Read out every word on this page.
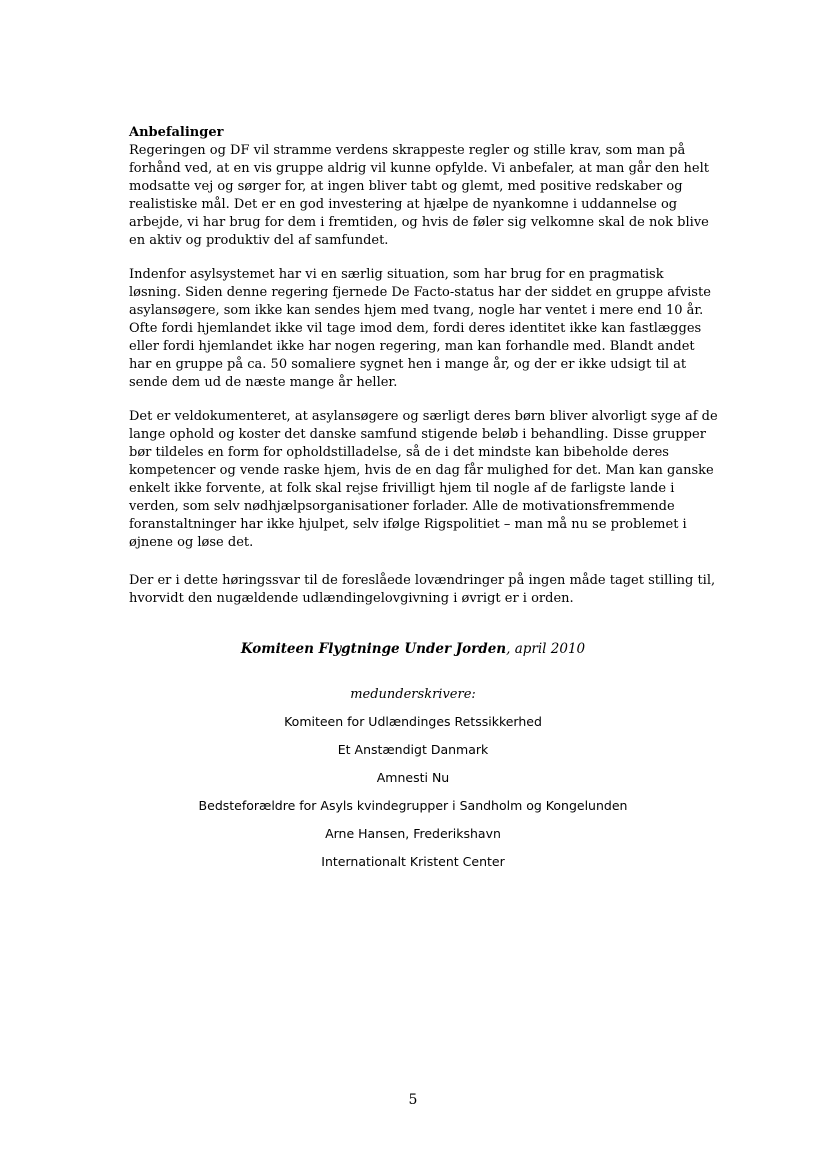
Anbefalinger
Regeringen og DF vil stramme verdens skrappeste regler og stille krav, som man på
forhånd ved, at en vis gruppe aldrig vil kunne opfylde. Vi anbefaler, at man går den helt
modsatte vej og sørger for, at ingen bliver tabt og glemt, med positive redskaber og
realistiske mål. Det er en god investering at hjælpe de nyankomne i uddannelse og
arbejde, vi har brug for dem i fremtiden, og hvis de føler sig velkomne skal de nok blive
en aktiv og produktiv del af samfundet.
Indenfor asylsystemet har vi en særlig situation, som har brug for en pragmatisk
løsning. Siden denne regering fjernede De Facto-status har der siddet en gruppe afviste
asylansøgere, som ikke kan sendes hjem med tvang, nogle har ventet i mere end 10 år.
Ofte fordi hjemlandet ikke vil tage imod dem, fordi deres identitet ikke kan fastlægges
eller fordi hjemlandet ikke har nogen regering, man kan forhandle med. Blandt andet
har en gruppe på ca. 50 somaliere sygnet hen i mange år, og der er ikke udsigt til at
sende dem ud de næste mange år heller.
Det er veldokumenteret, at asylansøgere og særligt deres børn bliver alvorligt syge af de
lange ophold og koster det danske samfund stigende beløb i behandling. Disse grupper
bør tildeles en form for opholdstilladelse, så de i det mindste kan bibeholde deres
kompetencer og vende raske hjem, hvis de en dag får mulighed for det. Man kan ganske
enkelt ikke forvente, at folk skal rejse frivilligt hjem til nogle af de farligste lande i
verden, som selv nødhjælpsorganisationer forlader. Alle de motivationsfremmende
foranstaltninger har ikke hjulpet, selv ifølge Rigspolitiet – man må nu se problemet i
øjnene og løse det.
Der er i dette høringssvar til de foreslåede lovændringer på ingen måde taget stilling til,
hvorvidt den nugældende udlændingelovgivning i øvrigt er i orden.
Komiteen Flygtninge Under Jorden, april 2010
medunderskrivere:
Komiteen for Udlændinges Retssikkerhed
Et Anstændigt Danmark
Amnesti Nu
Bedsteforældre for Asyls kvindegrupper i Sandholm og Kongelunden
Arne Hansen, Frederikshavn
Internationalt Kristent Center
5
